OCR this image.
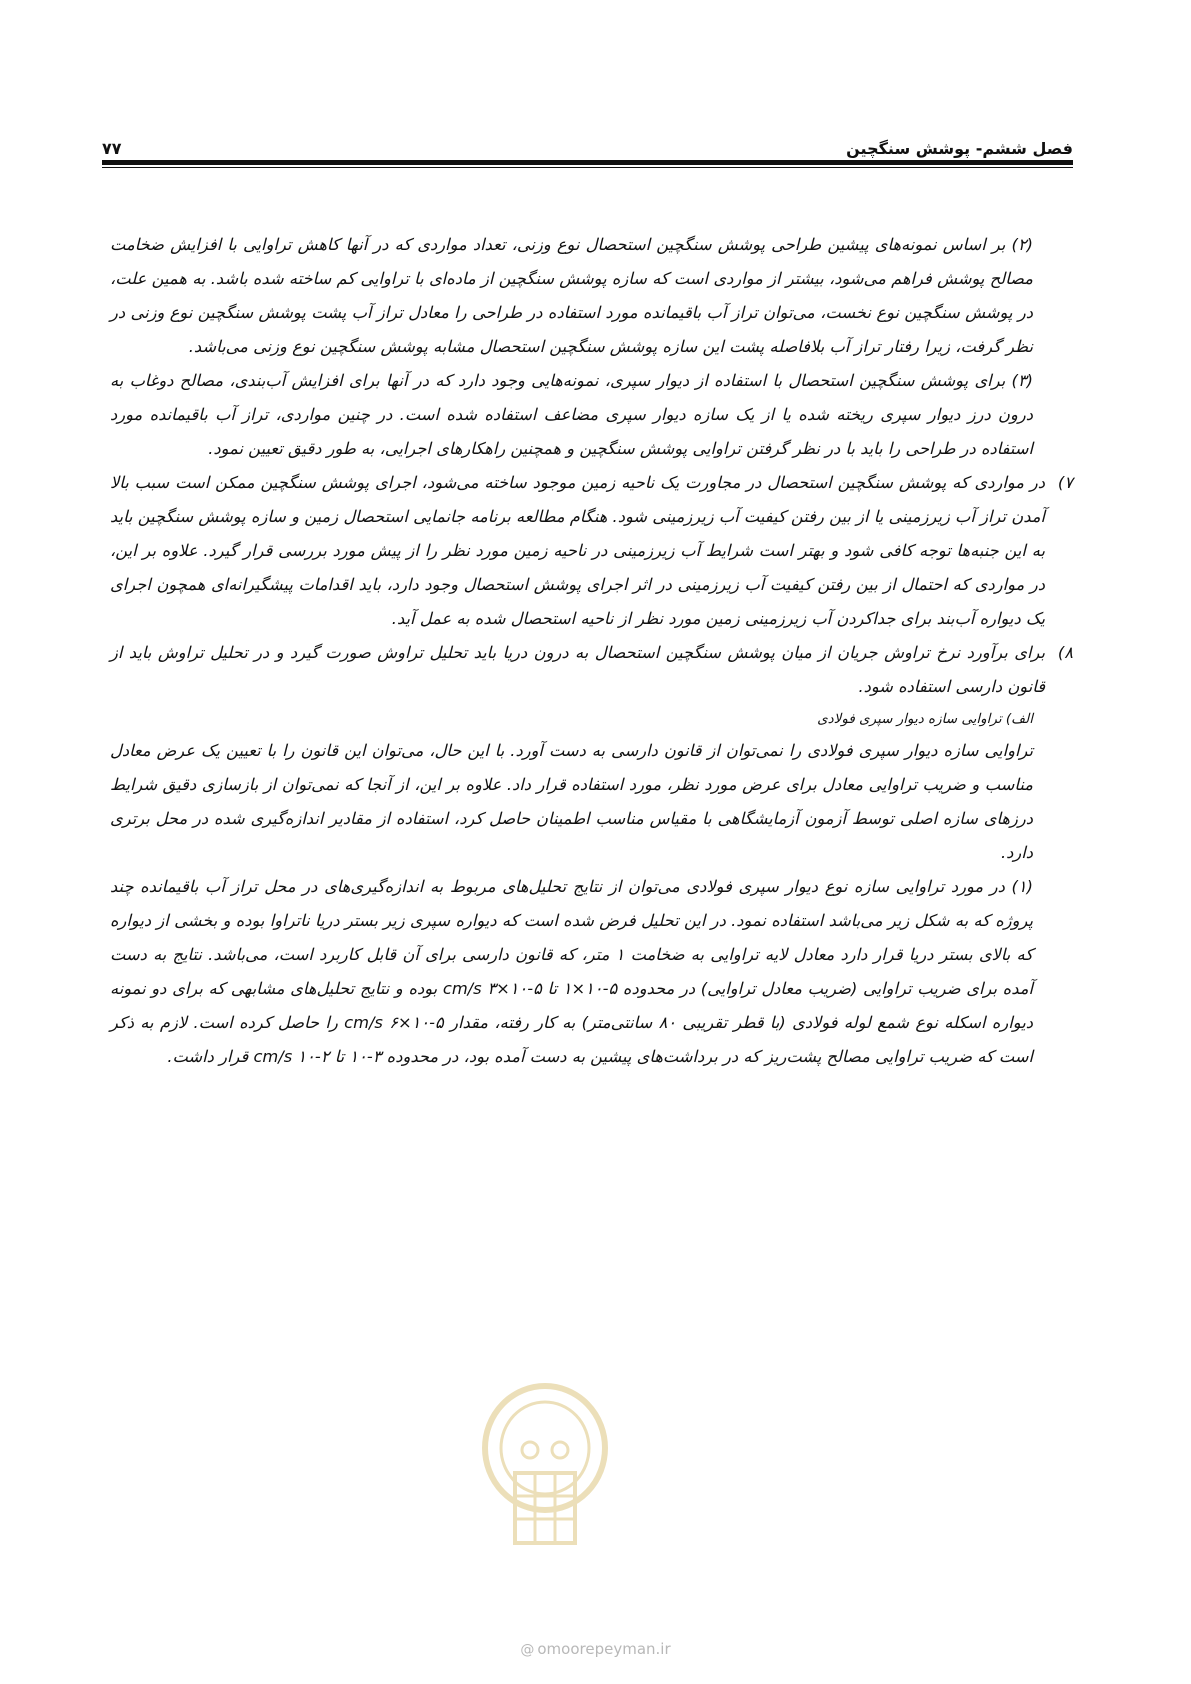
فصل ششم- پوشش سنگچین
۷۷

(۲) بر اساس نمونه‌های پیشین طراحی پوشش سنگچین استحصال نوع وزنی، تعداد مواردی که در آنها کاهش تراوایی با افزایش ضخامت مصالح پوشش فراهم می‌شود، بیشتر از مواردی است که سازه پوشش سنگچین از ماده‌ای با تراوایی کم ساخته شده باشد. به همین علت، در پوشش سنگچین نوع نخست، می‌توان تراز آب باقیمانده مورد استفاده در طراحی را معادل تراز آب پشت پوشش سنگچین نوع وزنی در نظر گرفت، زیرا رفتار تراز آب بلافاصله پشت این سازه پوشش سنگچین استحصال مشابه پوشش سنگچین نوع وزنی می‌باشد.

(۳) برای پوشش سنگچین استحصال با استفاده از دیوار سپری، نمونه‌هایی وجود دارد که در آنها برای افزایش آب‌بندی، مصالح دوغاب به درون درز دیوار سپری ریخته شده یا از یک سازه دیوار سپری مضاعف استفاده شده است. در چنین مواردی، تراز آب باقیمانده مورد استفاده در طراحی را باید با در نظر گرفتن تراوایی پوشش سنگچین و همچنین راهکارهای اجرایی، به طور دقیق تعیین نمود.

۷)

در مواردی که پوشش سنگچین استحصال در مجاورت یک ناحیه زمین موجود ساخته می‌شود، اجرای پوشش سنگچین ممکن است سبب بالا آمدن تراز آب زیرزمینی یا از بین رفتن کیفیت آب زیرزمینی شود. هنگام مطالعه برنامه جانمایی استحصال زمین و سازه پوشش سنگچین باید به این جنبه‌ها توجه کافی شود و بهتر است شرایط آب زیرزمینی در ناحیه زمین مورد نظر را از پیش مورد بررسی قرار گیرد. علاوه بر این، در مواردی که احتمال از بین رفتن کیفیت آب زیرزمینی در اثر اجرای پوشش استحصال وجود دارد، باید اقدامات پیشگیرانه‌ای همچون اجرای یک دیواره آب‌بند برای جداکردن آب زیرزمینی زمین مورد نظر از ناحیه استحصال شده به عمل آید.

۸)

برای برآورد نرخ تراوش جریان از میان پوشش سنگچین استحصال به درون دریا باید تحلیل تراوش صورت گیرد و در تحلیل تراوش باید از قانون دارسی استفاده شود.

الف) تراوایی سازه دیوار سپری فولادی

تراوایی سازه دیوار سپری فولادی را نمی‌توان از قانون دارسی به دست آورد. با این حال، می‌توان این قانون را با تعیین یک عرض معادل مناسب و ضریب تراوایی معادل برای عرض مورد نظر، مورد استفاده قرار داد. علاوه بر این، از آنجا که نمی‌توان از بازسازی دقیق شرایط درزهای سازه اصلی توسط آزمون آزمایشگاهی با مقیاس مناسب اطمینان حاصل کرد، استفاده از مقادیر اندازه‌گیری شده در محل برتری دارد.

(۱) در مورد تراوایی سازه نوع دیوار سپری فولادی می‌توان از نتایج تحلیل‌های مربوط به اندازه‌گیری‌های در محل تراز آب باقیمانده چند پروژه که به شکل زیر می‌باشد استفاده نمود. در این تحلیل فرض شده است که دیواره سپری زیر بستر دریا ناتراوا بوده و بخشی از دیواره که بالای بستر دریا قرار دارد معادل لایه تراوایی به ضخامت ۱ متر، که قانون دارسی برای آن قابل کاربرد است، می‌باشد. نتایج به دست آمده برای ضریب تراوایی (ضریب معادل تراوایی) در محدوده ۵-۱۰×۱ تا ۵-۱۰×۳ cm/s بوده و نتایج تحلیل‌های مشابهی که برای دو نمونه دیواره اسکله نوع شمع لوله فولادی (با قطر تقریبی ۸۰ سانتی‌متر) به کار رفته، مقدار ۵-۱۰×۶ cm/s را حاصل کرده است. لازم به ذکر است که ضریب تراوایی مصالح پشت‌ریز که در برداشت‌های پیشین به دست آمده بود، در محدوده ۳-۱۰ تا ۲-۱۰ cm/s قرار داشت.

@ omoorepeyman.ir
